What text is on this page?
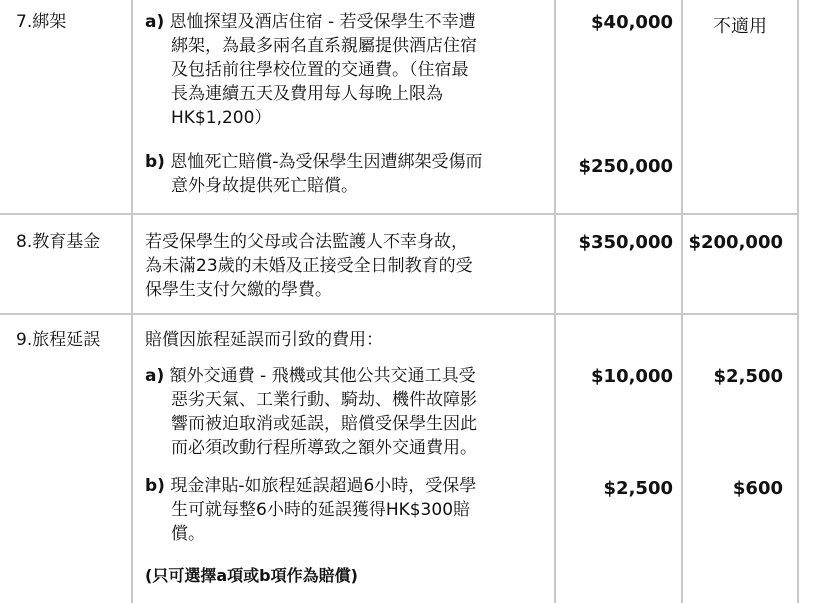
7.綁架	a) 恩恤探望及酒店住宿 - 若受保學生不幸遭
綁架，為最多兩名直系親屬提供酒店住宿
及包括前往學校位置的交通費。（住宿最
長為連續五天及費用每人每晚上限為
HK$1,200）
$40,000	不適用
b) 恩恤死亡賠償-為受保學生因遭綁架受傷而
意外身故提供死亡賠償。
$250,000
8.教育基金	若受保學生的父母或合法監護人不幸身故，
為未滿23歲的未婚及正接受全日制教育的受
保學生支付欠繳的學費。
$350,000 $200,000
9.旅程延誤	賠償因旅程延誤而引致的費用：
a) 額外交通費 - 飛機或其他公共交通工具受
惡劣天氣、工業行動、騎劫、機件故障影
響而被迫取消或延誤，賠償受保學生因此
而必須改動行程所導致之額外交通費用。
$10,000 $2,500
b) 現金津貼-如旅程延誤超過6小時，受保學
生可就每整6小時的延誤獲得HK$300賠
償。
$2,500	$600
(只可選擇a項或b項作為賠償)
